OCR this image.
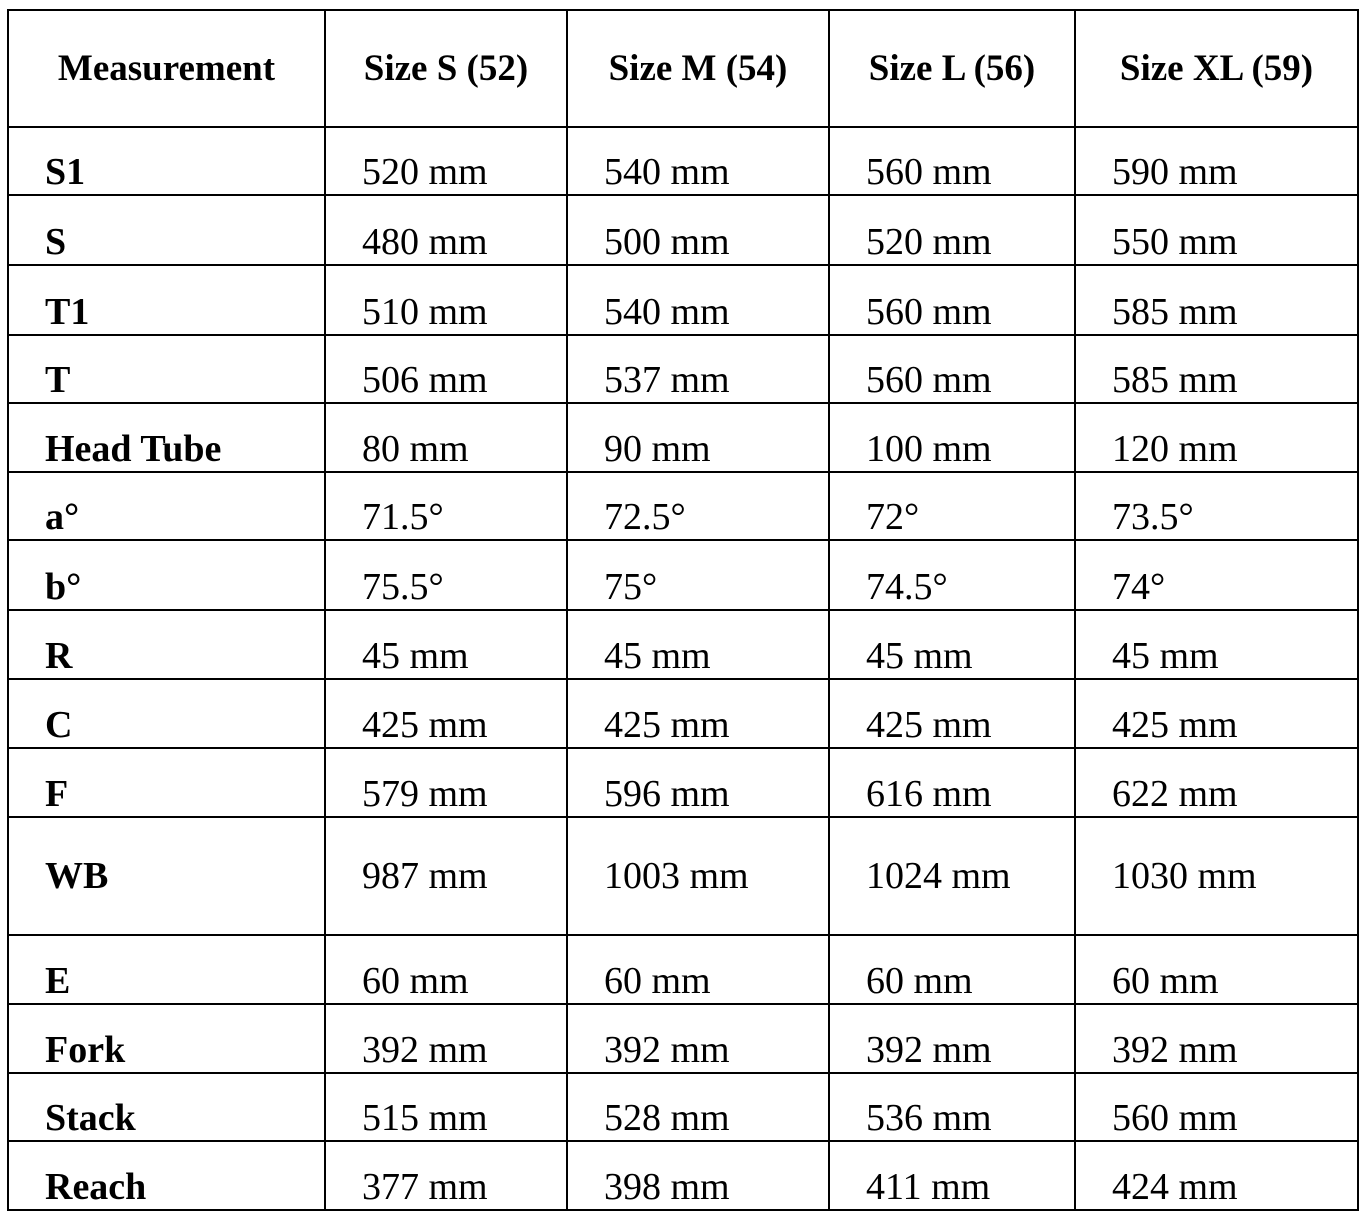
Measurement	Size S (52)	Size M (54)	Size L (56)	Size XL (59)
S1	520 mm	540 mm	560 mm	590 mm
S	480 mm	500 mm	520 mm	550 mm
T1	510 mm	540 mm	560 mm	585 mm
T	506 mm	537 mm	560 mm	585 mm
Head Tube	80 mm	90 mm	100 mm	120 mm
a°	71.5°	72.5°	72°	73.5°
b°	75.5°	75°	74.5°	74°
R	45 mm	45 mm	45 mm	45 mm
C	425 mm	425 mm	425 mm	425 mm
F	579 mm	596 mm	616 mm	622 mm
WB	987 mm	1003 mm	1024 mm	1030 mm
E	60 mm	60 mm	60 mm	60 mm
Fork	392 mm	392 mm	392 mm	392 mm
Stack	515 mm	528 mm	536 mm	560 mm
Reach	377 mm	398 mm	411 mm	424 mm
